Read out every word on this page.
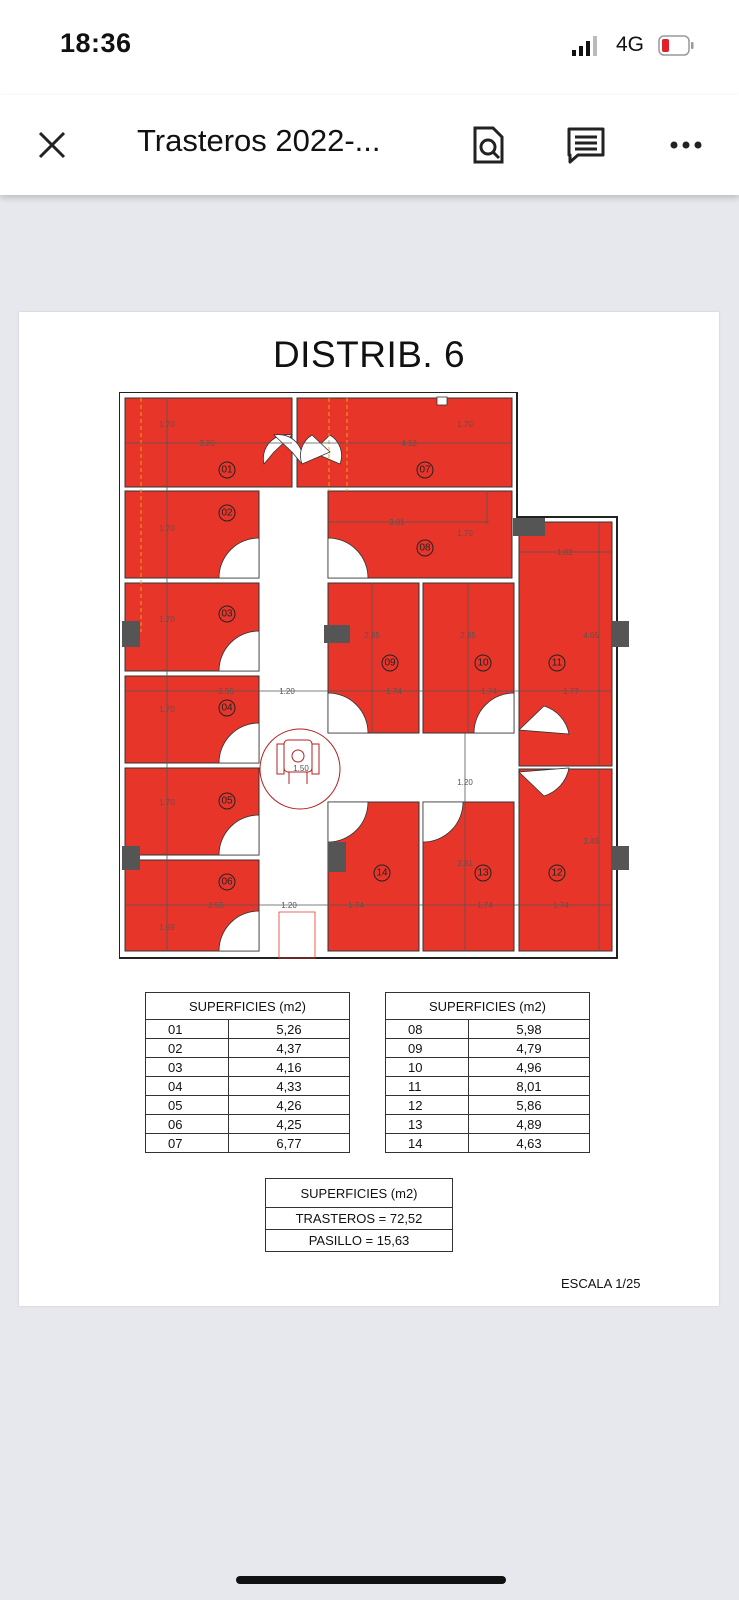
18:36	4G
Trasteros 2022-...
DISTRIB. 6
01	07
02
08
03
09	10	11
04
05
06
14	13	12
1.70
3.20
1.70
4.12
1.70
3.01
1.70
1.82
1.70
2.85	2.85	4.65
2.55	1.20	1.74	1.74	1.77
1.70
1.20
1.70
3.45
2.81
2.55	1.20	1.74	1.74	1.74
1.69
1.50
SUPERFICIES (m2)	
01	5,26
02	4,37
03	4,16
04	4,33
05	4,26
06	4,25
07	6,77
SUPERFICIES (m2)	
08	5,98
09	4,79
10	4,96
11	8,01
12	5,86
13	4,89
14	4,63
SUPERFICIES (m2)
TRASTEROS = 72,52
PASILLO = 15,63
ESCALA 1/25
